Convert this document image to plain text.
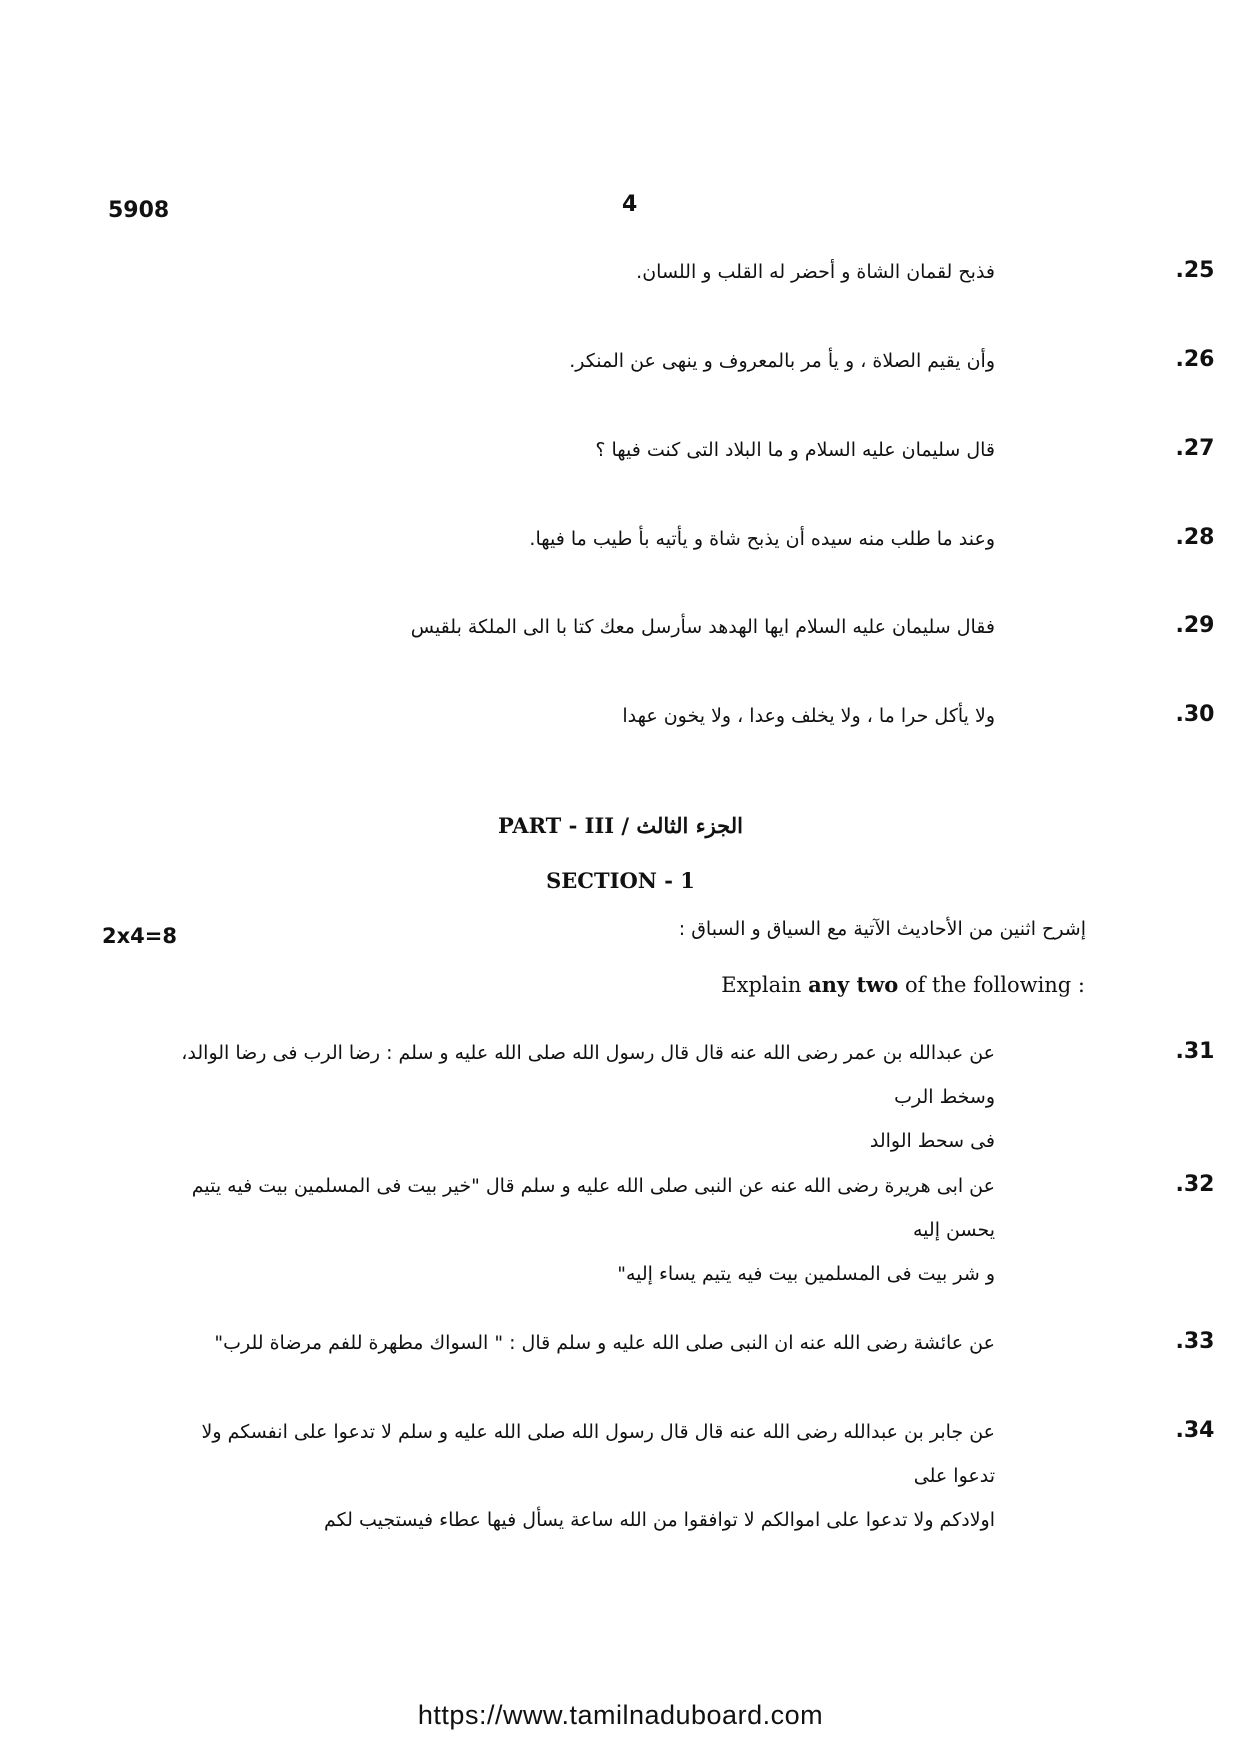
5908	4
فذبح لقمان الشاة و أحضر له القلب و اللسان.	.25
وأن يقيم الصلاة ، و يأ مر بالمعروف و ينهى عن المنكر.	.26
قال سليمان عليه السلام و ما البلاد التى كنت فيها ؟	.27
وعند ما طلب منه سيده أن يذبح شاة و يأتيه بأ طيب ما فيها.	.28
فقال سليمان عليه السلام ايها الهدهد سأرسل معك كتا با الى الملكة بلقيس	.29
ولا يأكل حرا ما ، ولا يخلف وعدا ، ولا يخون عهدا	.30
PART - III / الجزء الثالث
SECTION - 1
2x4=8	إشرح اثنين من الأحاديث الآتية مع السياق و السباق :
Explain any two of the following :
عن عبدالله بن عمر رضى الله عنه قال قال رسول الله صلى الله عليه و سلم : رضا الرب فى رضا الوالد، وسخط الرب
فى سحط الوالد
.31
عن ابى هريرة رضى الله عنه عن النبى صلى الله عليه و سلم قال "خير بيت فى المسلمين بيت فيه يتيم يحسن إليه
و شر بيت فى المسلمين بيت فيه يتيم يساء إليه"
.32
عن عائشة رضى الله عنه ان النبى صلى الله عليه و سلم قال : " السواك مطهرة للفم مرضاة للرب"	.33
عن جابر بن عبدالله رضى الله عنه قال قال رسول الله صلى الله عليه و سلم لا تدعوا على انفسكم ولا تدعوا على
اولادكم ولا تدعوا على اموالكم لا توافقوا من الله ساعة يسأل فيها عطاء فيستجيب لكم
.34
https://www.tamilnaduboard.com
